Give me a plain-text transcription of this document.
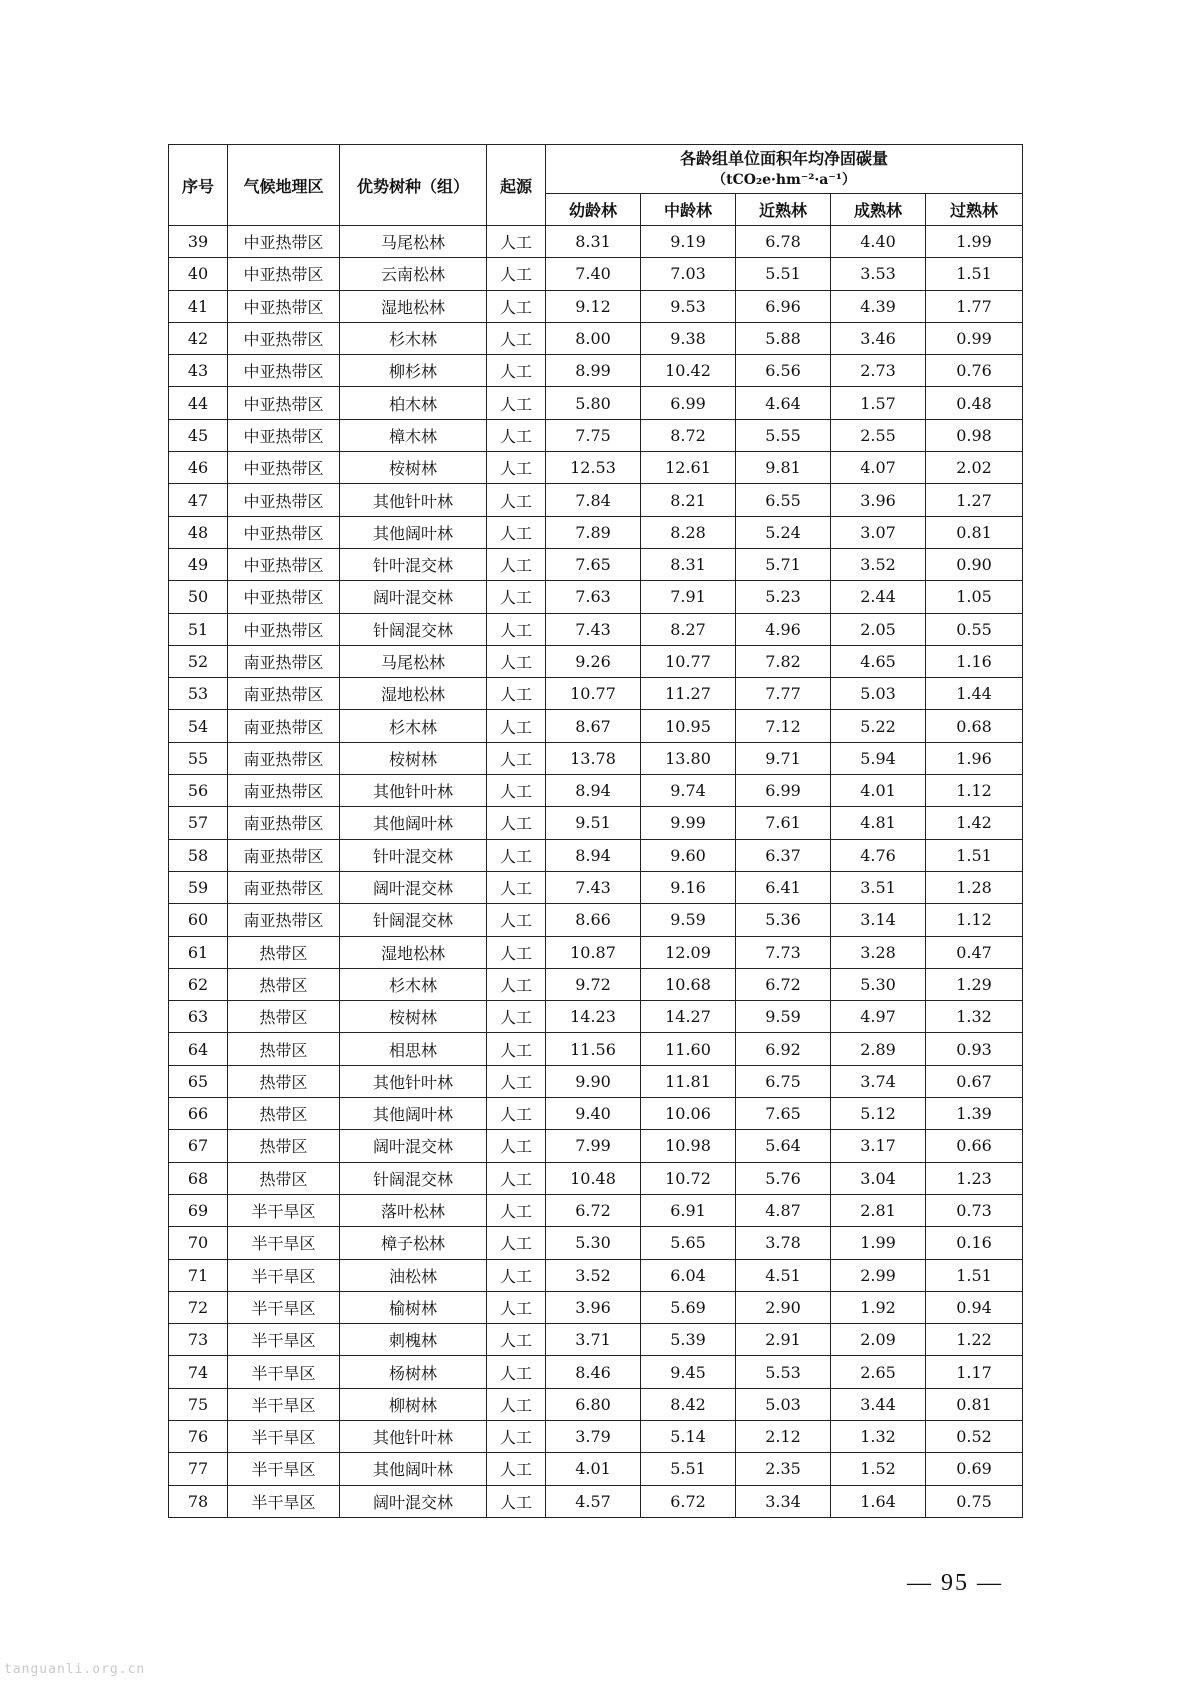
序号	气候地理区	优势树种（组）	起源	各龄组单位面积年均净固碳量
（tCO₂e·hm⁻²·a⁻¹）				

				幼龄林	中龄林	近熟林	成熟林	过熟林
39	中亚热带区	马尾松林	人工	8.31	9.19	6.78	4.40	1.99
40	中亚热带区	云南松林	人工	7.40	7.03	5.51	3.53	1.51
41	中亚热带区	湿地松林	人工	9.12	9.53	6.96	4.39	1.77
42	中亚热带区	杉木林	人工	8.00	9.38	5.88	3.46	0.99
43	中亚热带区	柳杉林	人工	8.99	10.42	6.56	2.73	0.76
44	中亚热带区	柏木林	人工	5.80	6.99	4.64	1.57	0.48
45	中亚热带区	樟木林	人工	7.75	8.72	5.55	2.55	0.98
46	中亚热带区	桉树林	人工	12.53	12.61	9.81	4.07	2.02
47	中亚热带区	其他针叶林	人工	7.84	8.21	6.55	3.96	1.27
48	中亚热带区	其他阔叶林	人工	7.89	8.28	5.24	3.07	0.81
49	中亚热带区	针叶混交林	人工	7.65	8.31	5.71	3.52	0.90
50	中亚热带区	阔叶混交林	人工	7.63	7.91	5.23	2.44	1.05
51	中亚热带区	针阔混交林	人工	7.43	8.27	4.96	2.05	0.55
52	南亚热带区	马尾松林	人工	9.26	10.77	7.82	4.65	1.16
53	南亚热带区	湿地松林	人工	10.77	11.27	7.77	5.03	1.44
54	南亚热带区	杉木林	人工	8.67	10.95	7.12	5.22	0.68
55	南亚热带区	桉树林	人工	13.78	13.80	9.71	5.94	1.96
56	南亚热带区	其他针叶林	人工	8.94	9.74	6.99	4.01	1.12
57	南亚热带区	其他阔叶林	人工	9.51	9.99	7.61	4.81	1.42
58	南亚热带区	针叶混交林	人工	8.94	9.60	6.37	4.76	1.51
59	南亚热带区	阔叶混交林	人工	7.43	9.16	6.41	3.51	1.28
60	南亚热带区	针阔混交林	人工	8.66	9.59	5.36	3.14	1.12
61	热带区	湿地松林	人工	10.87	12.09	7.73	3.28	0.47
62	热带区	杉木林	人工	9.72	10.68	6.72	5.30	1.29
63	热带区	桉树林	人工	14.23	14.27	9.59	4.97	1.32
64	热带区	相思林	人工	11.56	11.60	6.92	2.89	0.93
65	热带区	其他针叶林	人工	9.90	11.81	6.75	3.74	0.67
66	热带区	其他阔叶林	人工	9.40	10.06	7.65	5.12	1.39
67	热带区	阔叶混交林	人工	7.99	10.98	5.64	3.17	0.66
68	热带区	针阔混交林	人工	10.48	10.72	5.76	3.04	1.23
69	半干旱区	落叶松林	人工	6.72	6.91	4.87	2.81	0.73
70	半干旱区	樟子松林	人工	5.30	5.65	3.78	1.99	0.16
71	半干旱区	油松林	人工	3.52	6.04	4.51	2.99	1.51
72	半干旱区	榆树林	人工	3.96	5.69	2.90	1.92	0.94
73	半干旱区	刺槐林	人工	3.71	5.39	2.91	2.09	1.22
74	半干旱区	杨树林	人工	8.46	9.45	5.53	2.65	1.17
75	半干旱区	柳树林	人工	6.80	8.42	5.03	3.44	0.81
76	半干旱区	其他针叶林	人工	3.79	5.14	2.12	1.32	0.52
77	半干旱区	其他阔叶林	人工	4.01	5.51	2.35	1.52	0.69
78	半干旱区	阔叶混交林	人工	4.57	6.72	3.34	1.64	0.75
— 95 —
tanguanli.org.cn
